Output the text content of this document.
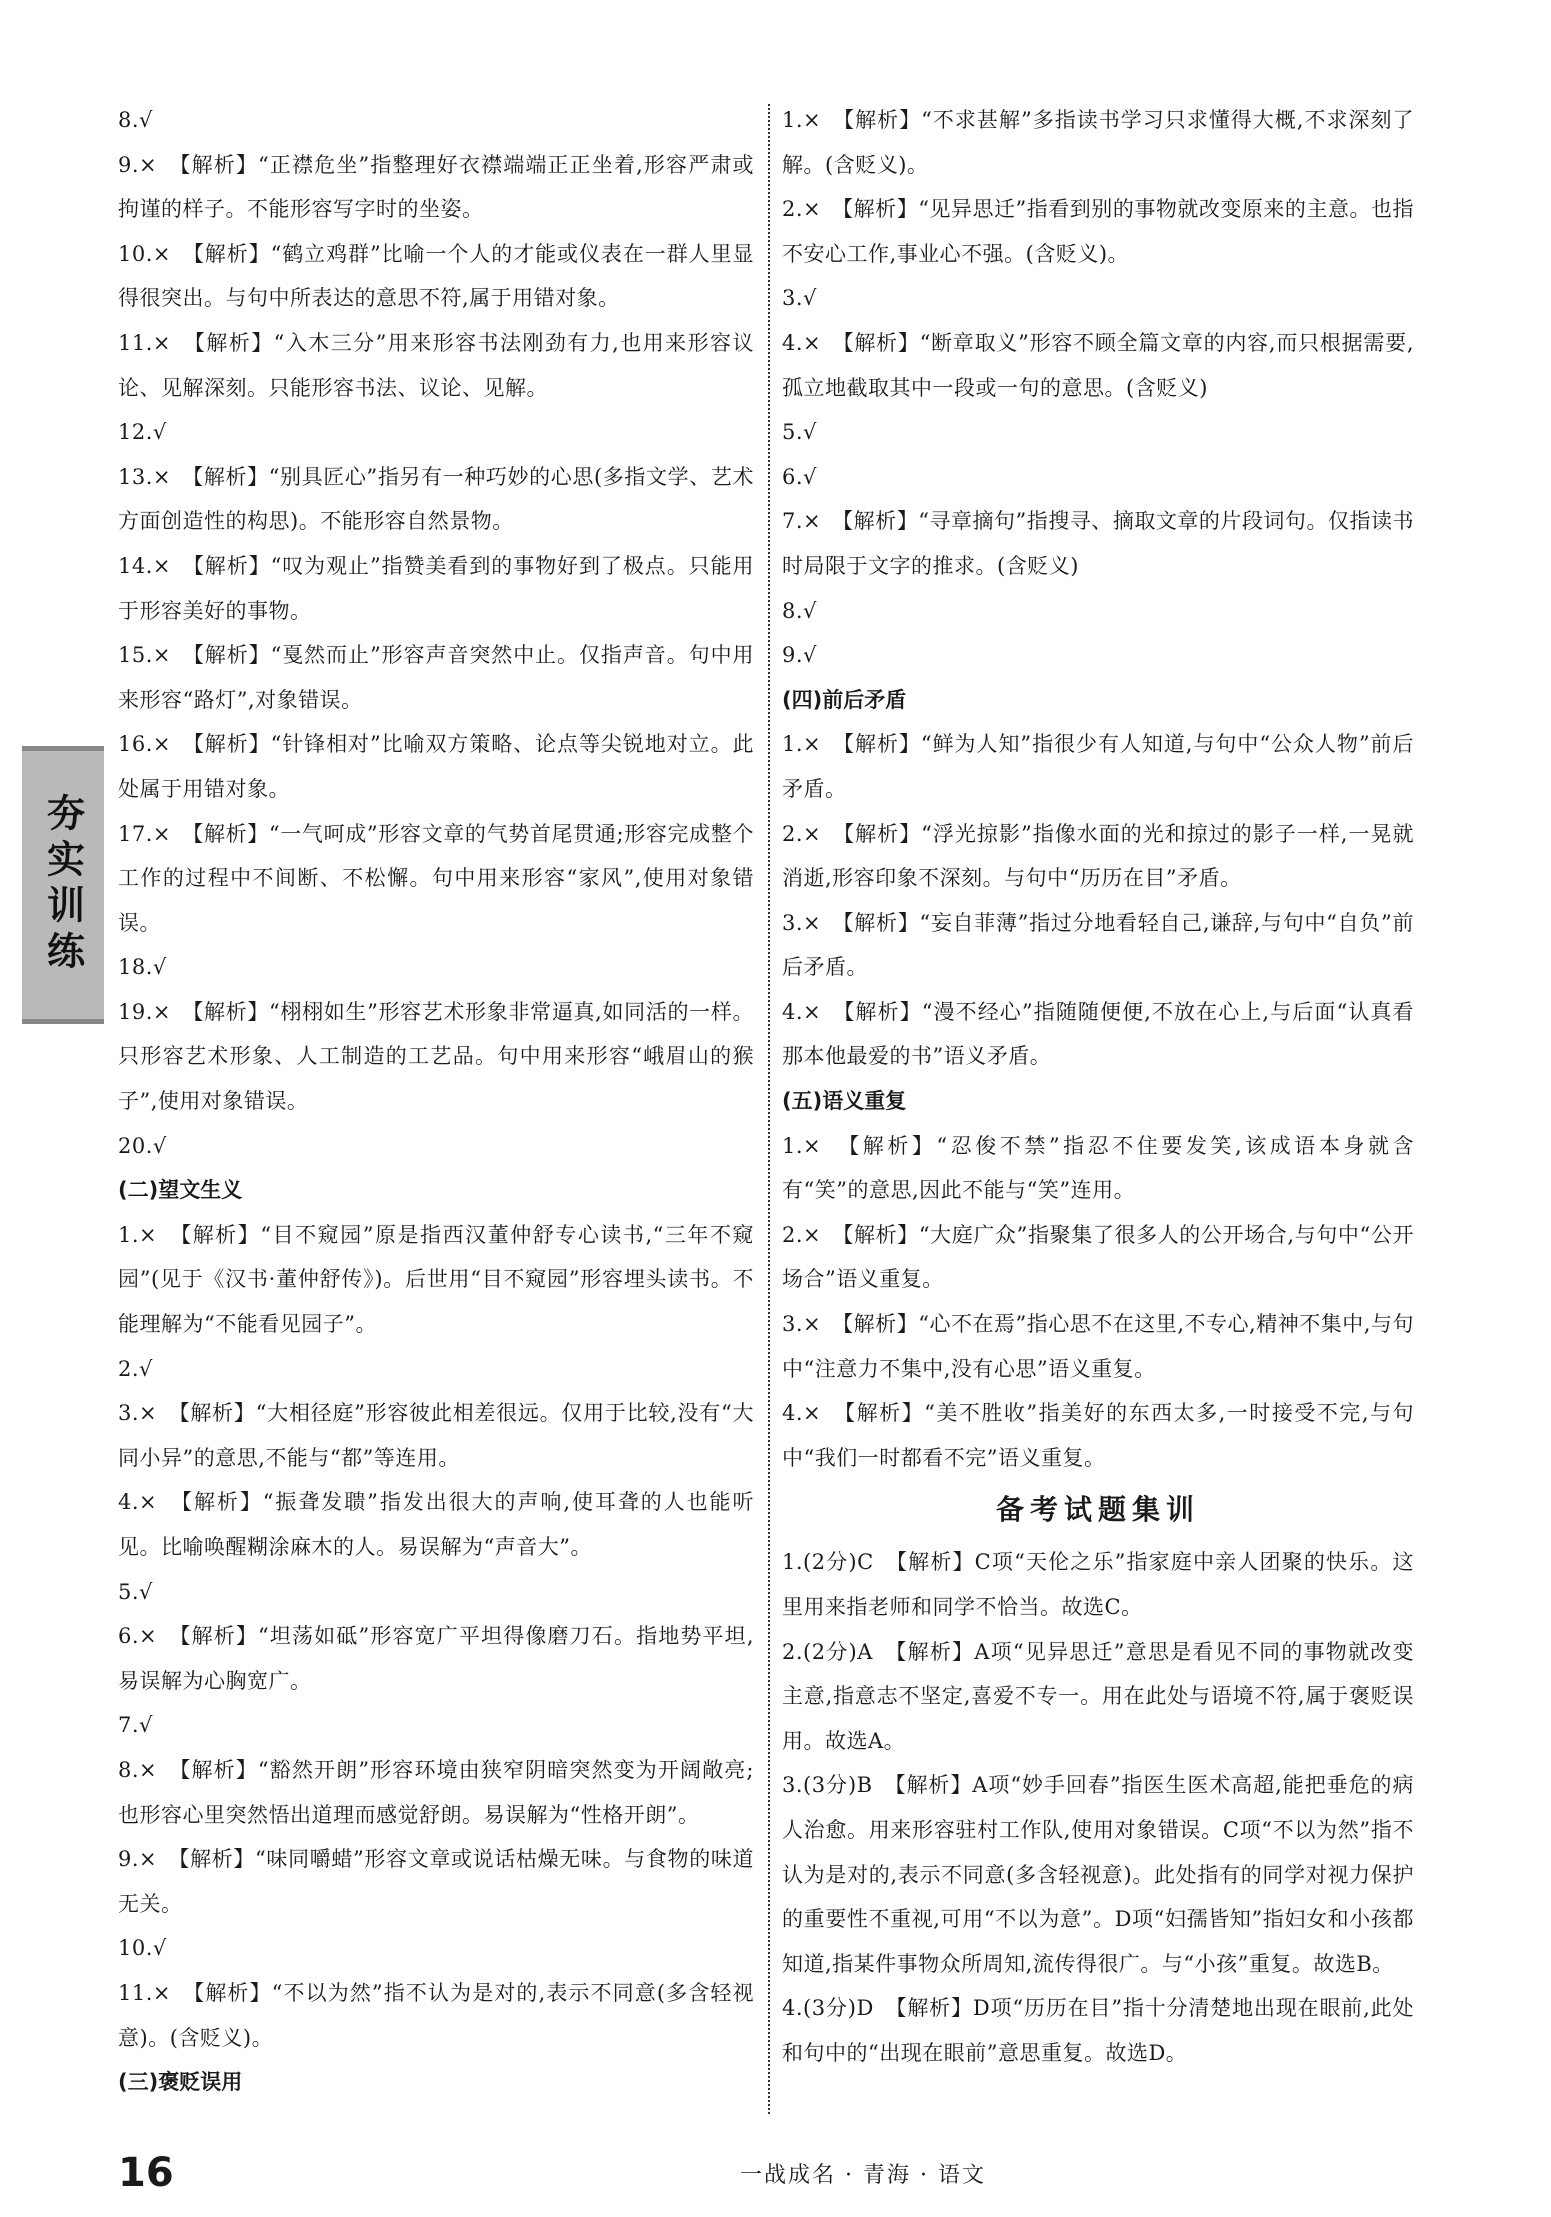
夯实训练
8.√
9.×　【解析】“正襟危坐”指整理好衣襟端端正正坐着,形容严肃或拘谨的样子。不能形容写字时的坐姿。
10.×　【解析】“鹤立鸡群”比喻一个人的才能或仪表在一群人里显得很突出。与句中所表达的意思不符,属于用错对象。
11.×　【解析】“入木三分”用来形容书法刚劲有力,也用来形容议论、见解深刻。只能形容书法、议论、见解。
12.√
13.×　【解析】“别具匠心”指另有一种巧妙的心思(多指文学、艺术方面创造性的构思)。不能形容自然景物。
14.×　【解析】“叹为观止”指赞美看到的事物好到了极点。只能用于形容美好的事物。
15.×　【解析】“戛然而止”形容声音突然中止。仅指声音。句中用来形容“路灯”,对象错误。
16.×　【解析】“针锋相对”比喻双方策略、论点等尖锐地对立。此处属于用错对象。
17.×　【解析】“一气呵成”形容文章的气势首尾贯通;形容完成整个工作的过程中不间断、不松懈。句中用来形容“家风”,使用对象错误。
18.√
19.×　【解析】“栩栩如生”形容艺术形象非常逼真,如同活的一样。只形容艺术形象、人工制造的工艺品。句中用来形容“峨眉山的猴子”,使用对象错误。
20.√
(二)望文生义
1.×　【解析】“目不窥园”原是指西汉董仲舒专心读书,“三年不窥园”(见于《汉书·董仲舒传》)。后世用“目不窥园”形容埋头读书。不能理解为“不能看见园子”。
2.√
3.×　【解析】“大相径庭”形容彼此相差很远。仅用于比较,没有“大同小异”的意思,不能与“都”等连用。
4.×　【解析】“振聋发聩”指发出很大的声响,使耳聋的人也能听见。比喻唤醒糊涂麻木的人。易误解为“声音大”。
5.√
6.×　【解析】“坦荡如砥”形容宽广平坦得像磨刀石。指地势平坦,易误解为心胸宽广。
7.√
8.×　【解析】“豁然开朗”形容环境由狭窄阴暗突然变为开阔敞亮;也形容心里突然悟出道理而感觉舒朗。易误解为“性格开朗”。
9.×　【解析】“味同嚼蜡”形容文章或说话枯燥无味。与食物的味道无关。
10.√
11.×　【解析】“不以为然”指不认为是对的,表示不同意(多含轻视意)。(含贬义)。
(三)褒贬误用
1.×　【解析】“不求甚解”多指读书学习只求懂得大概,不求深刻了解。(含贬义)。
2.×　【解析】“见异思迁”指看到别的事物就改变原来的主意。也指不安心工作,事业心不强。(含贬义)。
3.√
4.×　【解析】“断章取义”形容不顾全篇文章的内容,而只根据需要,孤立地截取其中一段或一句的意思。(含贬义)
5.√
6.√
7.×　【解析】“寻章摘句”指搜寻、摘取文章的片段词句。仅指读书时局限于文字的推求。(含贬义)
8.√
9.√
(四)前后矛盾
1.×　【解析】“鲜为人知”指很少有人知道,与句中“公众人物”前后矛盾。
2.×　【解析】“浮光掠影”指像水面的光和掠过的影子一样,一晃就消逝,形容印象不深刻。与句中“历历在目”矛盾。
3.×　【解析】“妄自菲薄”指过分地看轻自己,谦辞,与句中“自负”前后矛盾。
4.×　【解析】“漫不经心”指随随便便,不放在心上,与后面“认真看那本他最爱的书”语义矛盾。
(五)语义重复
1.×　【解析】“忍俊不禁”指忍不住要发笑,该成语本身就含有“笑”的意思,因此不能与“笑”连用。
2.×　【解析】“大庭广众”指聚集了很多人的公开场合,与句中“公开场合”语义重复。
3.×　【解析】“心不在焉”指心思不在这里,不专心,精神不集中,与句中“注意力不集中,没有心思”语义重复。
4.×　【解析】“美不胜收”指美好的东西太多,一时接受不完,与句中“我们一时都看不完”语义重复。
备考试题集训
1.(2分)C　【解析】C项“天伦之乐”指家庭中亲人团聚的快乐。这里用来指老师和同学不恰当。故选C。
2.(2分)A　【解析】A项“见异思迁”意思是看见不同的事物就改变主意,指意志不坚定,喜爱不专一。用在此处与语境不符,属于褒贬误用。故选A。
3.(3分)B　【解析】A项“妙手回春”指医生医术高超,能把垂危的病人治愈。用来形容驻村工作队,使用对象错误。C项“不以为然”指不认为是对的,表示不同意(多含轻视意)。此处指有的同学对视力保护的重要性不重视,可用“不以为意”。D项“妇孺皆知”指妇女和小孩都知道,指某件事物众所周知,流传得很广。与“小孩”重复。故选B。
4.(3分)D　【解析】D项“历历在目”指十分清楚地出现在眼前,此处和句中的“出现在眼前”意思重复。故选D。
16	一战成名 · 青海 · 语文
